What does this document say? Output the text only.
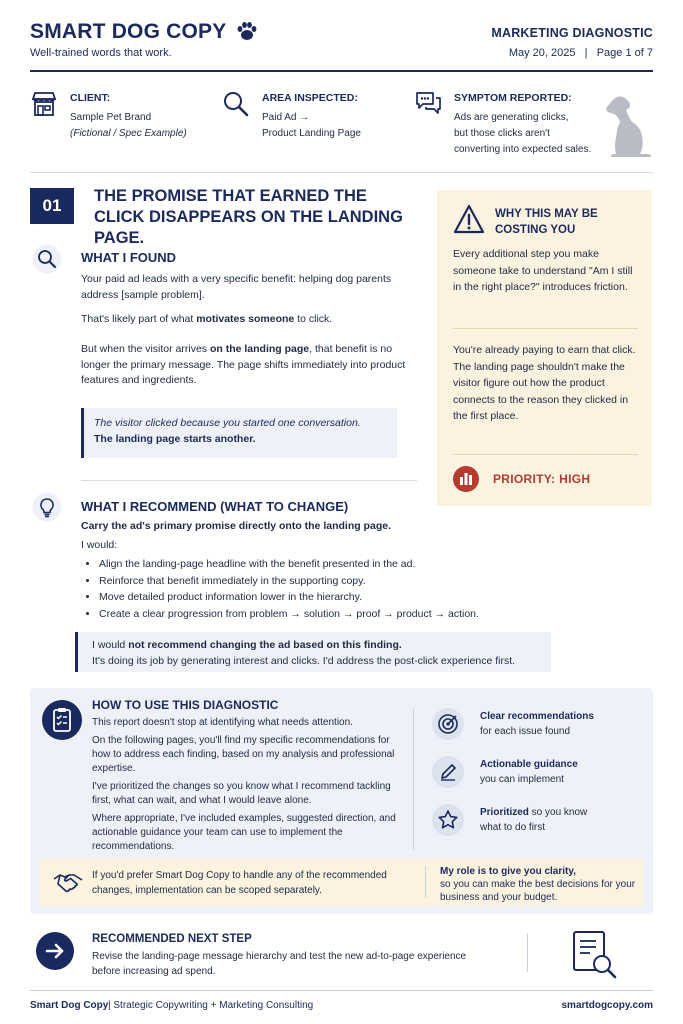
SMART DOG COPY
Well-trained words that work.
MARKETING DIAGNOSTIC
May 20, 2025   |   Page 1 of 7
CLIENT:
Sample Pet Brand
(Fictional / Spec Example)
AREA INSPECTED:
Paid Ad →
Product Landing Page
SYMPTOM REPORTED:
Ads are generating clicks,
but those clicks aren't
converting into expected sales.
01	THE PROMISE THAT EARNED THE CLICK DISAPPEARS ON THE LANDING PAGE.
WHAT I FOUND
Your paid ad leads with a very specific benefit: helping dog parents address [sample problem].
That's likely part of what motivates someone to click.
But when the visitor arrives on the landing page, that benefit is no longer the primary message. The page shifts immediately into product features and ingredients.
The visitor clicked because you started one conversation.
The landing page starts another.
WHY THIS MAY BE
COSTING YOU
Every additional step you make someone take to understand "Am I still in the right place?" introduces friction.
You're already paying to earn that click. The landing page shouldn't make the visitor figure out how the product connects to the reason they clicked in the first place.
PRIORITY: HIGH
WHAT I RECOMMEND (WHAT TO CHANGE)
Carry the ad's primary promise directly onto the landing page.
I would:
• Align the landing-page headline with the benefit presented in the ad.
• Reinforce that benefit immediately in the supporting copy.
• Move detailed product information lower in the hierarchy.
• Create a clear progression from problem → solution → proof → product → action.
I would not recommend changing the ad based on this finding.
It's doing its job by generating interest and clicks. I'd address the post-click experience first.
HOW TO USE THIS DIAGNOSTIC
This report doesn't stop at identifying what needs attention.
On the following pages, you'll find my specific recommendations for how to address each finding, based on my analysis and professional expertise.
I've prioritized the changes so you know what I recommend tackling first, what can wait, and what I would leave alone.
Where appropriate, I've included examples, suggested direction, and actionable guidance your team can use to implement the recommendations.
Clear recommendations
for each issue found
Actionable guidance
you can implement
Prioritized so you know
what to do first
If you'd prefer Smart Dog Copy to handle any of the recommended changes, implementation can be scoped separately.
My role is to give you clarity,
so you can make the best decisions for your business and your budget.
RECOMMENDED NEXT STEP
Revise the landing-page message hierarchy and test the new ad-to-page experience before increasing ad spend.
Smart Dog Copy | Strategic Copywriting + Marketing Consulting	smartdogcopy.com
